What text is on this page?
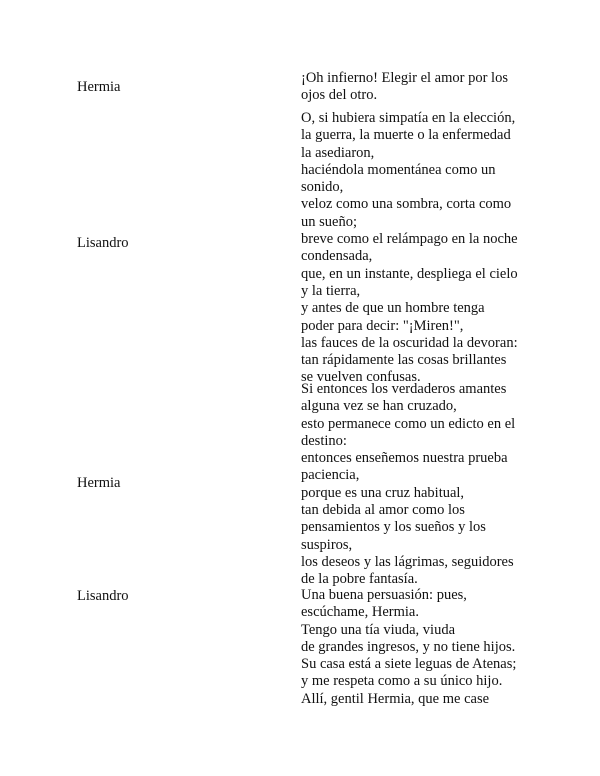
Hermia
¡Oh infierno! Elegir el amor por los
ojos del otro.
Lisandro
O, si hubiera simpatía en la elección,
la guerra, la muerte o la enfermedad
la asediaron,
haciéndola momentánea como un
sonido,
veloz como una sombra, corta como
un sueño;
breve como el relámpago en la noche
condensada,
que, en un instante, despliega el cielo
y la tierra,
y antes de que un hombre tenga
poder para decir: "¡Miren!",
las fauces de la oscuridad la devoran:
tan rápidamente las cosas brillantes
se vuelven confusas.
Hermia
Si entonces los verdaderos amantes
alguna vez se han cruzado,
esto permanece como un edicto en el
destino:
entonces enseñemos nuestra prueba
paciencia,
porque es una cruz habitual,
tan debida al amor como los
pensamientos y los sueños y los
suspiros,
los deseos y las lágrimas, seguidores
de la pobre fantasía.
Lisandro	Una buena persuasión: pues,
escúchame, Hermia.
Tengo una tía viuda, viuda
de grandes ingresos, y no tiene hijos.
Su casa está a siete leguas de Atenas;
y me respeta como a su único hijo.
Allí, gentil Hermia, que me case
